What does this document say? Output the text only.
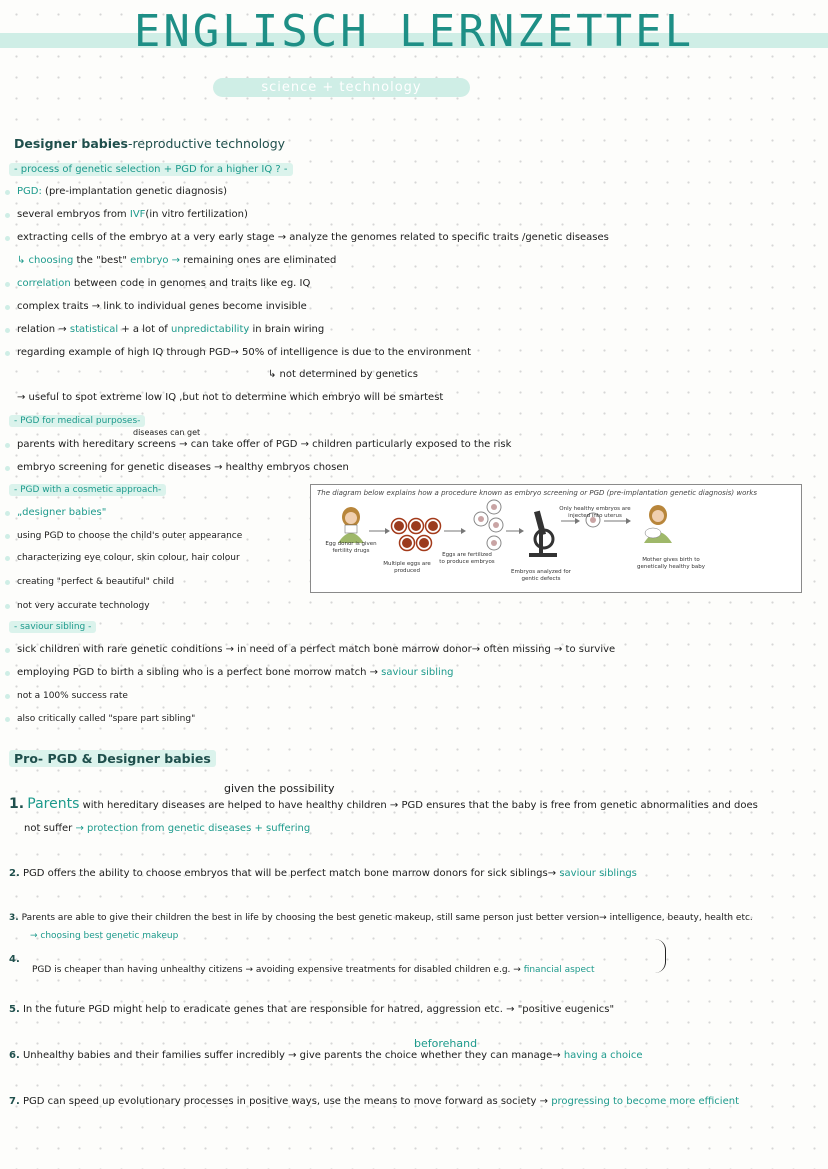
ENGLISCH LERNZETTEL
science + technology
Designer babies-reproductive technology
- process of genetic selection + PGD for a higher IQ ? -
PGD: (pre-implantation genetic diagnosis)
several embryos from IVF(in vitro fertilization)
extracting cells of the embryo at a very early stage → analyze the genomes related to specific traits /genetic diseases
↳ choosing the "best" embryo → remaining ones are eliminated
correlation between code in genomes and traits like eg. IQ
complex traits → link to individual genes become invisible
relation → statistical + a lot of unpredictability in brain wiring
regarding example of high IQ through PGD→ 50% of intelligence is due to the environment
↳ not determined by genetics
→ useful to spot extreme low IQ ,but not to determine which embryo will be smartest
- PGD for medical purposes-
diseases can get
parents with hereditary screens → can take offer of PGD → children particularly exposed to the risk
embryo screening for genetic diseases → healthy embryos chosen
- PGD with a cosmetic approach-
„designer babies"
using PGD to choose the child's outer appearance
characterizing eye colour, skin colour, hair colour
creating "perfect & beautiful" child
not very accurate technology
- saviour sibling -
sick children with rare genetic conditions → in need of a perfect match bone marrow donor→ often missing → to survive
employing PGD to birth a sibling who is a perfect bone morrow match → saviour sibling
not a 100% success rate
also critically called "spare part sibling"
The diagram below explains how a procedure known as embryo screening or PGD (pre-implantation genetic diagnosis) works
Egg donor is given fertility drugs
Multiple eggs are produced
Eggs are fertilized to produce embryos
Embryos analyzed for gentic defects
Only healthy embryos are injected into uterus
Mother gives birth to genetically healthy baby
Pro- PGD & Designer babies
given the possibility
1. Parents with hereditary diseases are helped to have healthy children → PGD ensures that the baby is free from genetic abnormalities and does
not suffer → protection from genetic diseases + suffering
2. PGD offers the ability to choose embryos that will be perfect match bone marrow donors for sick siblings→ saviour siblings
3. Parents are able to give their children the best in life by choosing the best genetic makeup, still same person just better version→ intelligence, beauty, health etc.
→ choosing best genetic makeup
4.
PGD is cheaper than having unhealthy citizens → avoiding expensive treatments for disabled children e.g. → financial aspect
5. In the future PGD might help to eradicate genes that are responsible for hatred, aggression etc. → "positive eugenics"
beforehand
6. Unhealthy babies and their families suffer incredibly → give parents the choice whether they can manage→ having a choice
7. PGD can speed up evolutionary processes in positive ways, use the means to move forward as society → progressing to become more efficient
